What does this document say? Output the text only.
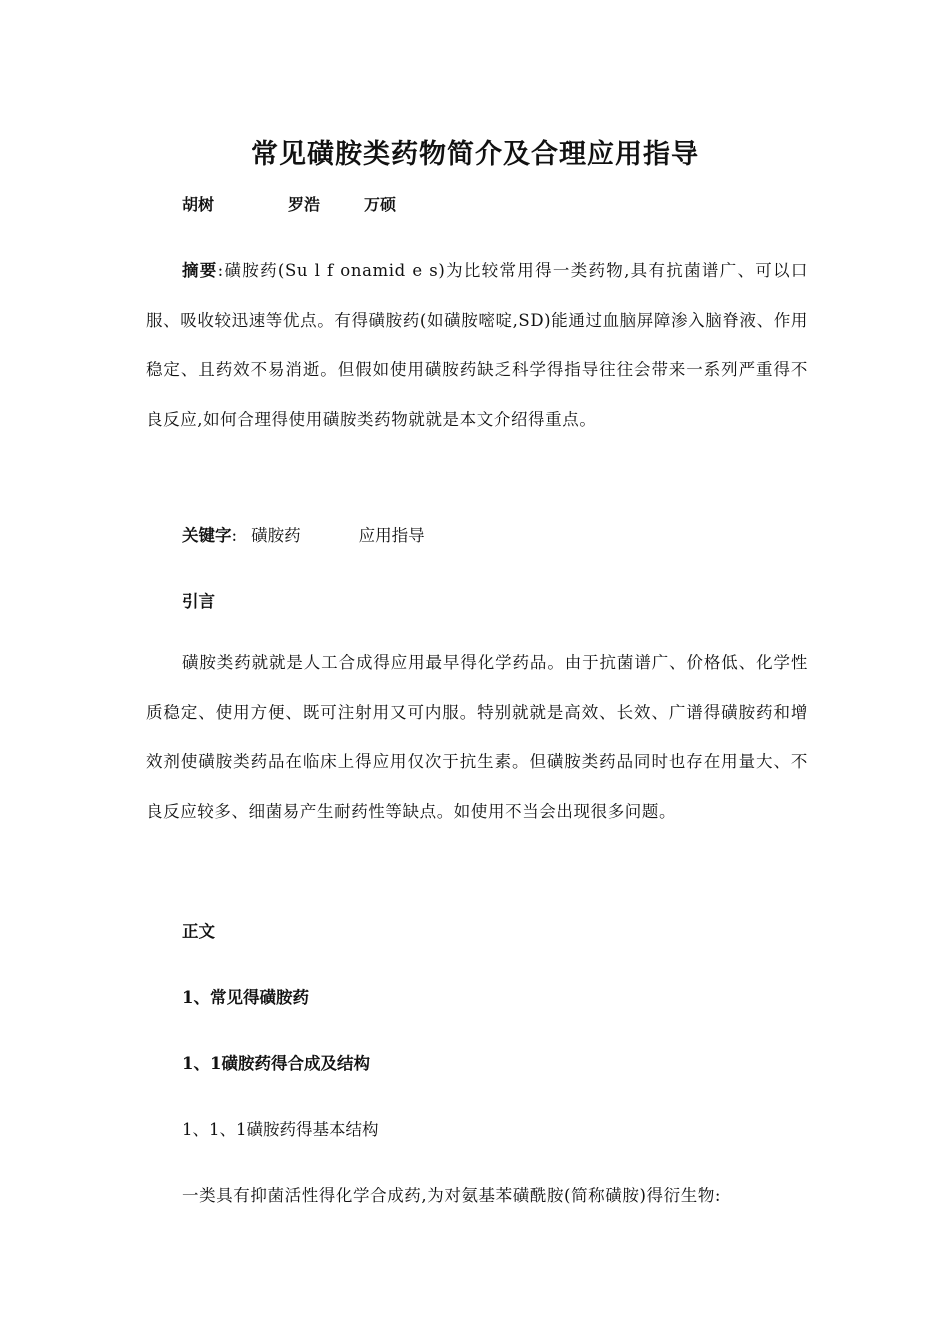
常见磺胺类药物简介及合理应用指导
胡树	罗浩	万硕

摘要:磺胺药(Su l f onamid e s)为比较常用得一类药物,具有抗菌谱广、可以口服、吸收较迅速等优点。有得磺胺药(如磺胺嘧啶,SD)能通过血脑屏障渗入脑脊液、作用稳定、且药效不易消逝。但假如使用磺胺药缺乏科学得指导往往会带来一系列严重得不良反应,如何合理得使用磺胺类药物就就是本文介绍得重点。

关键字: 磺胺药	应用指导

引言

磺胺类药就就是人工合成得应用最早得化学药品。由于抗菌谱广、价格低、化学性质稳定、使用方便、既可注射用又可内服。特别就就是高效、长效、广谱得磺胺药和增效剂使磺胺类药品在临床上得应用仅次于抗生素。但磺胺类药品同时也存在用量大、不良反应较多、细菌易产生耐药性等缺点。如使用不当会出现很多问题。

正文

1、常见得磺胺药

1、1磺胺药得合成及结构

1、1、1磺胺药得基本结构

一类具有抑菌活性得化学合成药,为对氨基苯磺酰胺(简称磺胺)得衍生物:
